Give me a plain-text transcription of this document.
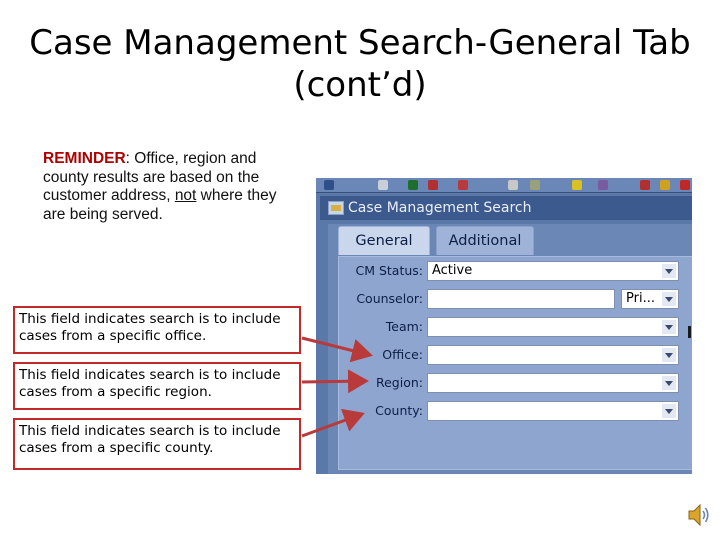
Case Management Search-General Tab
(cont’d)
REMINDER: Office, region and county results are based on the customer address, not where they are being served.
This field indicates search is to include cases from a specific office.
This field indicates search is to include cases from a specific region.
This field indicates search is to include cases from a specific county.
Case Management Search
General	Additional
CM Status: Active
Counselor:	Pri...
Team:
Office:
Region:
County:
